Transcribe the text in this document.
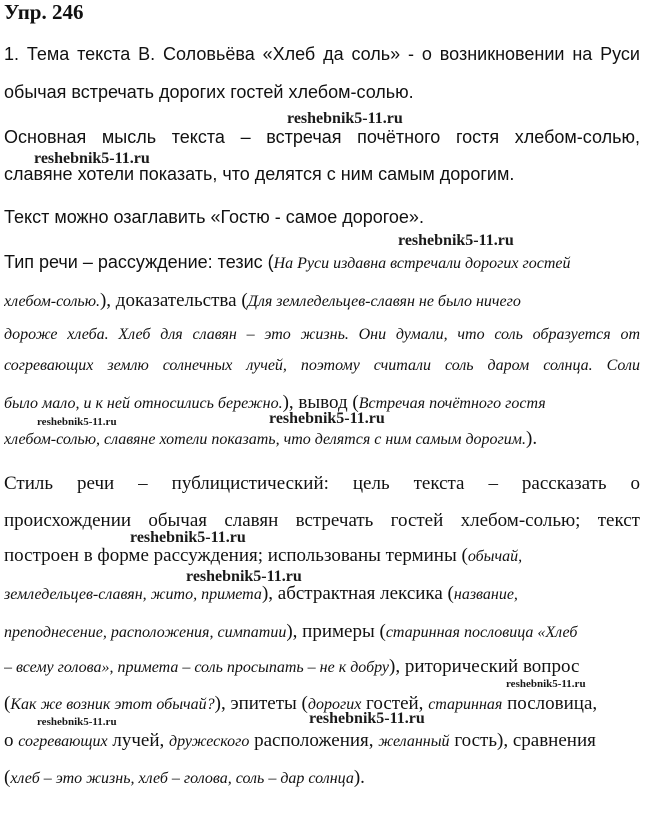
Упр. 246
1. Тема текста В. Соловьёва «Хлеб да соль» - о возникновении на Руси
обычая встречать дорогих гостей хлебом-солью.
Основная мысль текста – встречая почётного гостя хлебом-солью,
славяне хотели показать, что делятся с ним самым дорогим.
Текст можно озаглавить «Гостю - самое дорогое».
Тип речи – рассуждение: тезис (На Руси издавна встречали дорогих гостей
хлебом-солью.), доказательства (Для земледельцев-славян не было ничего
дороже хлеба. Хлеб для славян – это жизнь. Они думали, что соль образуется от
согревающих землю солнечных лучей, поэтому считали соль даром солнца. Соли
было мало, и к ней относились бережно.), вывод (Встречая почётного гостя
хлебом-солью, славяне хотели показать, что делятся с ним самым дорогим.).
Стиль речи – публицистический: цель текста – рассказать о
происхождении обычая славян встречать гостей хлебом-солью; текст
построен в форме рассуждения; использованы термины (обычай,
земледельцев-славян, жито, примета), абстрактная лексика (название,
преподнесение, расположения, симпатии), примеры (старинная пословица «Хлеб
– всему голова», примета – соль просыпать – не к добру), риторический вопрос
(Как же возник этот обычай?), эпитеты (дорогих гостей, старинная пословица,
о согревающих лучей, дружеского расположения, желанный гость), сравнения
(хлеб – это жизнь, хлеб – голова, соль – дар солнца).
reshebnik5-11.ru
reshebnik5-11.ru
reshebnik5-11.ru
reshebnik5-11.ru	reshebnik5-11.ru
reshebnik5-11.ru
reshebnik5-11.ru
reshebnik5-11.ru
reshebnik5-11.ru	reshebnik5-11.ru
